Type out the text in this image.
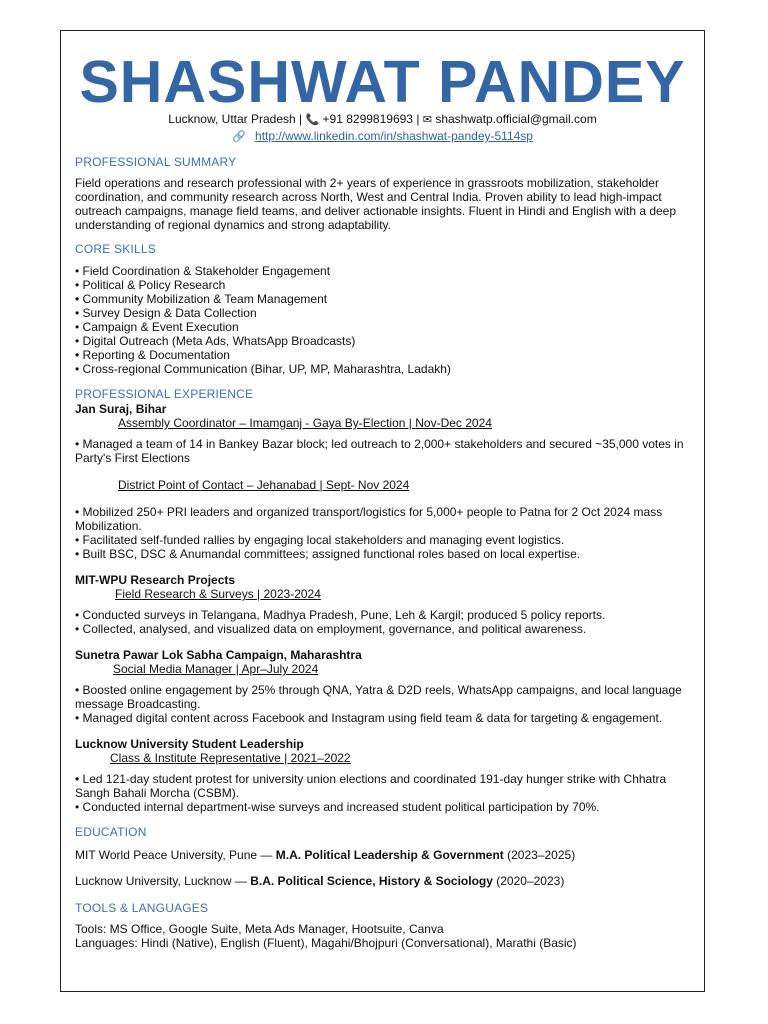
SHASHWAT PANDEY
Lucknow, Uttar Pradesh | 📞 +91 8299819693 | ✉ shashwatp.official@gmail.com
🔗 http://www.linkedin.com/in/shashwat-pandey-5114sp
PROFESSIONAL SUMMARY

Field operations and research professional with 2+ years of experience in grassroots mobilization, stakeholder coordination, and community research across North, West and Central India. Proven ability to lead high-impact outreach campaigns, manage field teams, and deliver actionable insights. Fluent in Hindi and English with a deep understanding of regional dynamics and strong adaptability.

CORE SKILLS

• Field Coordination & Stakeholder Engagement

• Political & Policy Research

• Community Mobilization & Team Management

• Survey Design & Data Collection

• Campaign & Event Execution

• Digital Outreach (Meta Ads, WhatsApp Broadcasts)

• Reporting & Documentation

• Cross-regional Communication (Bihar, UP, MP, Maharashtra, Ladakh)

PROFESSIONAL EXPERIENCE

Jan Suraj, Bihar

Assembly Coordinator – Imamganj - Gaya By-Election | Nov-Dec 2024

• Managed a team of 14 in Bankey Bazar block; led outreach to 2,000+ stakeholders and secured ~35,000 votes in Party's First Elections

District Point of Contact – Jehanabad | Sept- Nov 2024

• Mobilized 250+ PRI leaders and organized transport/logistics for 5,000+ people to Patna for 2 Oct 2024 mass Mobilization.

• Facilitated self-funded rallies by engaging local stakeholders and managing event logistics.

• Built BSC, DSC & Anumandal committees; assigned functional roles based on local expertise.

MIT-WPU Research Projects

Field Research & Surveys | 2023-2024

• Conducted surveys in Telangana, Madhya Pradesh, Pune, Leh & Kargil; produced 5 policy reports.

• Collected, analysed, and visualized data on employment, governance, and political awareness.

Sunetra Pawar Lok Sabha Campaign, Maharashtra

Social Media Manager | Apr–July 2024

• Boosted online engagement by 25% through QNA, Yatra & D2D reels, WhatsApp campaigns, and local language message Broadcasting.

• Managed digital content across Facebook and Instagram using field team & data for targeting & engagement.

Lucknow University Student Leadership

Class & Institute Representative | 2021–2022

• Led 121-day student protest for university union elections and coordinated 191-day hunger strike with Chhatra Sangh Bahali Morcha (CSBM).

• Conducted internal department-wise surveys and increased student political participation by 70%.

EDUCATION

MIT World Peace University, Pune — M.A. Political Leadership & Government (2023–2025)

Lucknow University, Lucknow — B.A. Political Science, History & Sociology (2020–2023)

TOOLS & LANGUAGES

Tools: MS Office, Google Suite, Meta Ads Manager, Hootsuite, Canva

Languages: Hindi (Native), English (Fluent), Magahi/Bhojpuri (Conversational), Marathi (Basic)
